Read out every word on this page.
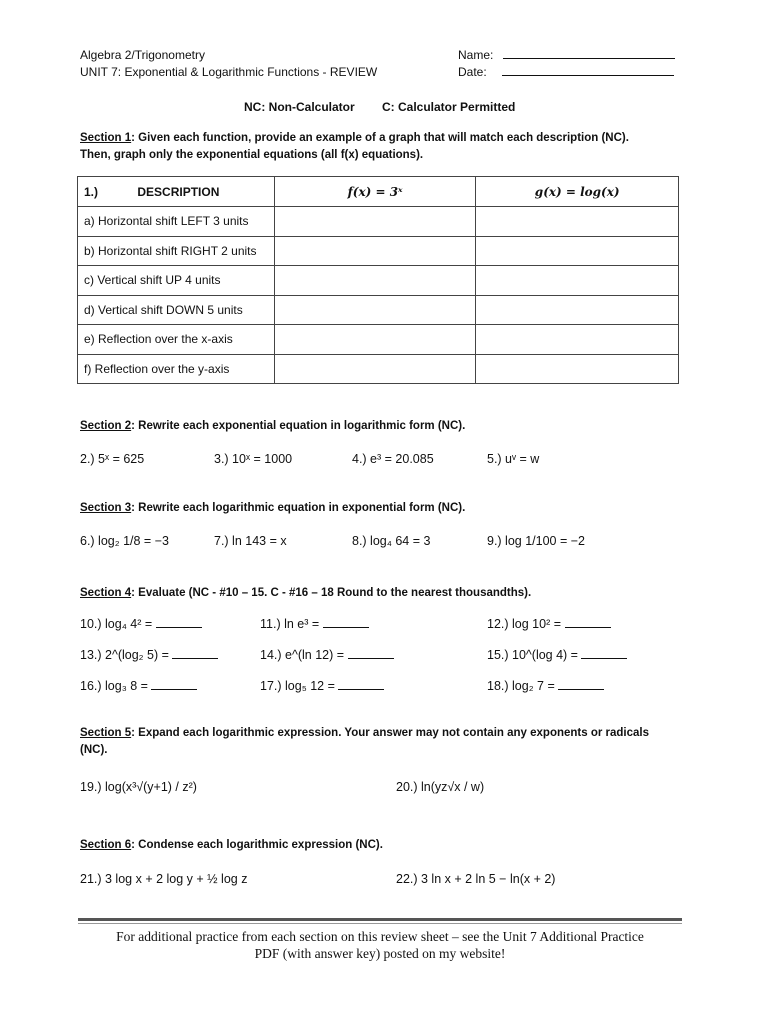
Algebra 2/Trigonometry
UNIT 7: Exponential & Logarithmic Functions - REVIEW
Name:
Date:
NC: Non-Calculator C: Calculator Permitted
Section 1: Given each function, provide an example of a graph that will match each description (NC).
Then, graph only the exponential equations (all f(x) equations).
1.) DESCRIPTION	f(x) = 3ˣ	g(x) = log(x)
a) Horizontal shift LEFT 3 units		
b) Horizontal shift RIGHT 2 units		
c) Vertical shift UP 4 units		
d) Vertical shift DOWN 5 units		
e) Reflection over the x-axis		
f) Reflection over the y-axis		
Section 2: Rewrite each exponential equation in logarithmic form (NC).
2.) 5ˣ = 625	3.) 10ˣ = 1000	4.) e³ = 20.085	5.) uᵛ = w
Section 3: Rewrite each logarithmic equation in exponential form (NC).
6.) log₂ 1/8 = −3	7.) ln 143 = x	8.) log₄ 64 = 3	9.) log 1/100 = −2
Section 4: Evaluate (NC - #10 – 15. C - #16 – 18 Round to the nearest thousandths).
10.) log₄ 4² =	11.) ln e³ =	12.) log 10² =
13.) 2^(log₂ 5) =	14.) e^(ln 12) =	15.) 10^(log 4) =
16.) log₃ 8 =	17.) log₅ 12 =	18.) log₂ 7 =
Section 5: Expand each logarithmic expression. Your answer may not contain any exponents or radicals
(NC).
19.) log(x³√(y+1) / z²)	20.) ln(yz√x / w)
Section 6: Condense each logarithmic expression (NC).
21.) 3 log x + 2 log y + ½ log z	22.) 3 ln x + 2 ln 5 − ln(x + 2)
For additional practice from each section on this review sheet – see the Unit 7 Additional Practice
PDF (with answer key) posted on my website!
